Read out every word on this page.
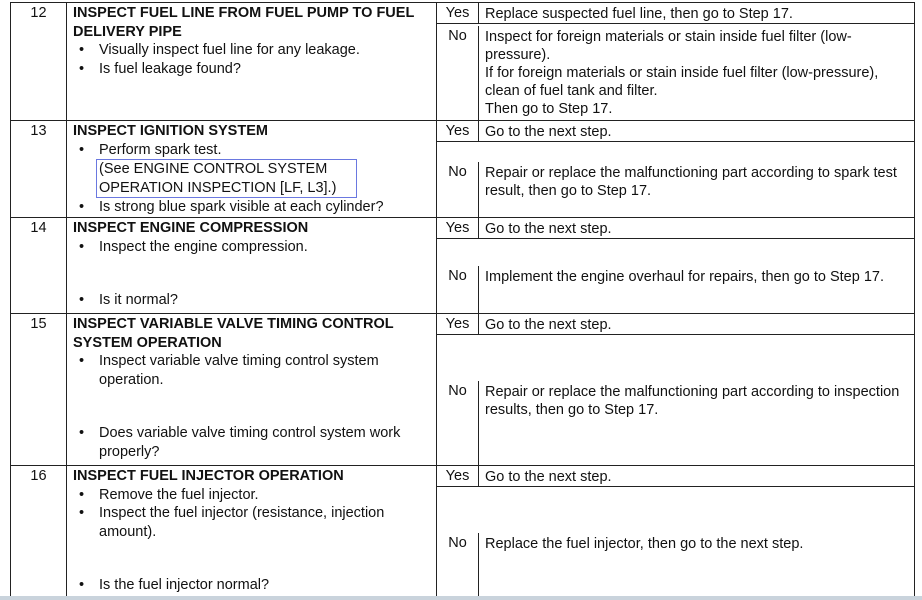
12	INSPECT FUEL LINE FROM FUEL PUMP TO FUEL DELIVERY PIPE
• Visually inspect fuel line for any leakage.
• Is fuel leakage found?
Yes	Replace suspected fuel line, then go to Step 17.
No	Inspect for foreign materials or stain inside fuel filter (low-pressure).
If for foreign materials or stain inside fuel filter (low-pressure), clean of fuel tank and filter.
Then go to Step 17.
13	INSPECT IGNITION SYSTEM
• Perform spark test.
(See ENGINE CONTROL SYSTEM OPERATION INSPECTION [LF, L3].)
• Is strong blue spark visible at each cylinder?
Yes	Go to the next step.
No	Repair or replace the malfunctioning part according to spark test result, then go to Step 17.
14	INSPECT ENGINE COMPRESSION
• Inspect the engine compression.
• Is it normal?
Yes	Go to the next step.
No	Implement the engine overhaul for repairs, then go to Step 17.
15	INSPECT VARIABLE VALVE TIMING CONTROL SYSTEM OPERATION
• Inspect variable valve timing control system operation.
• Does variable valve timing control system work properly?
Yes	Go to the next step.
No	Repair or replace the malfunctioning part according to inspection results, then go to Step 17.
16	INSPECT FUEL INJECTOR OPERATION
• Remove the fuel injector.
• Inspect the fuel injector (resistance, injection amount).
• Is the fuel injector normal?
Yes	Go to the next step.
No	Replace the fuel injector, then go to the next step.
